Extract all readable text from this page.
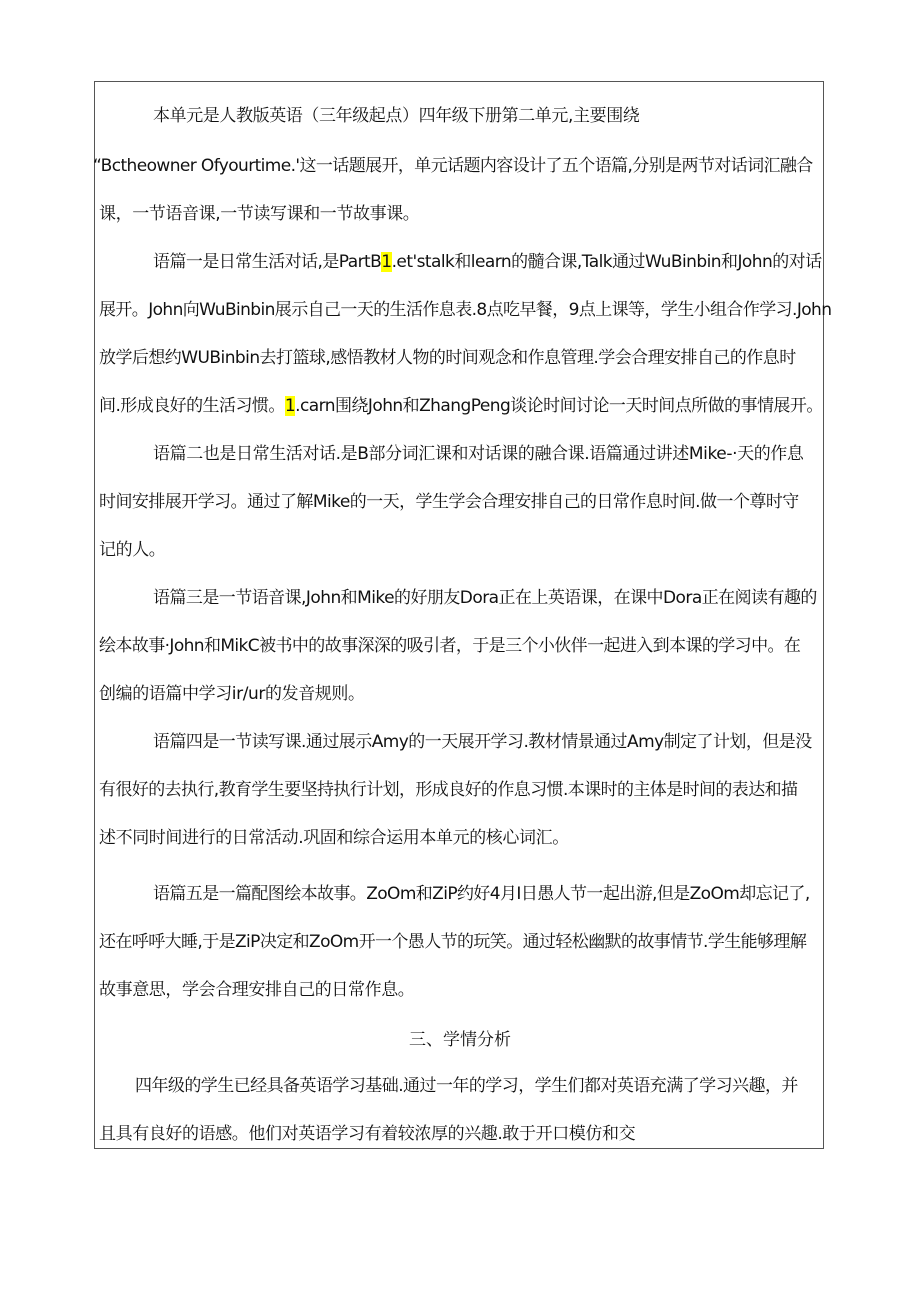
本单元是人教版英语（三年级起点）四年级下册第二单元,主要围绕
“Bctheowner Ofyourtime.'这一话题展开，单元话题内容设计了五个语篇,分别是两节对话词汇融合
课，一节语音课,一节读写课和一节故事课。
语篇一是日常生活对话,是PartB1.et'stalk和learn的髓合课,Talk通过WuBinbin和John的对话
展开。John向WuBinbin展示自己一天的生活作息表.8点吃早餐，9点上课等，学生小组合作学习.John
放学后想约WUBinbin去打篮球,感悟教材人物的时间观念和作息管理.学会合理安排自己的作息时
间.形成良好的生活习惯。1.carn围绕John和ZhangPeng谈论时间讨论一天时间点所做的事情展开。
语篇二也是日常生活对话.是B部分词汇课和对话课的融合课.语篇通过讲述Mike-·天的作息
时间安排展开学习。通过了解Mike的一天，学生学会合理安排自己的日常作息时间.做一个尊时守
记的人。
语篇三是一节语音课,John和Mike的好朋友Dora正在上英语课，在课中Dora正在阅读有趣的
绘本故事·John和MikC被书中的故事深深的吸引者，于是三个小伙伴一起进入到本课的学习中。在
创编的语篇中学习ir/ur的发音规则。
语篇四是一节读写课.通过展示Amy的一天展开学习.教材情景通过Amy制定了计划，但是没
有很好的去执行,教育学生要坚持执行计划，形成良好的作息习惯.本课时的主体是时间的表达和描
述不同时间进行的日常活动.巩固和综合运用本单元的核心词汇。
语篇五是一篇配图绘本故事。ZoOm和ZiP约好4月I日愚人节一起出游,但是ZoOm却忘记了,
还在呼呼大睡,于是ZiP决定和ZoOm开一个愚人节的玩笑。通过轻松幽默的故事情节.学生能够理解
故事意思，学会合理安排自己的日常作息。
三、学情分析
四年级的学生已经具备英语学习基础.通过一年的学习，学生们都对英语充满了学习兴趣，并
且具有良好的语感。他们对英语学习有着较浓厚的兴趣.敢于开口模仿和交
